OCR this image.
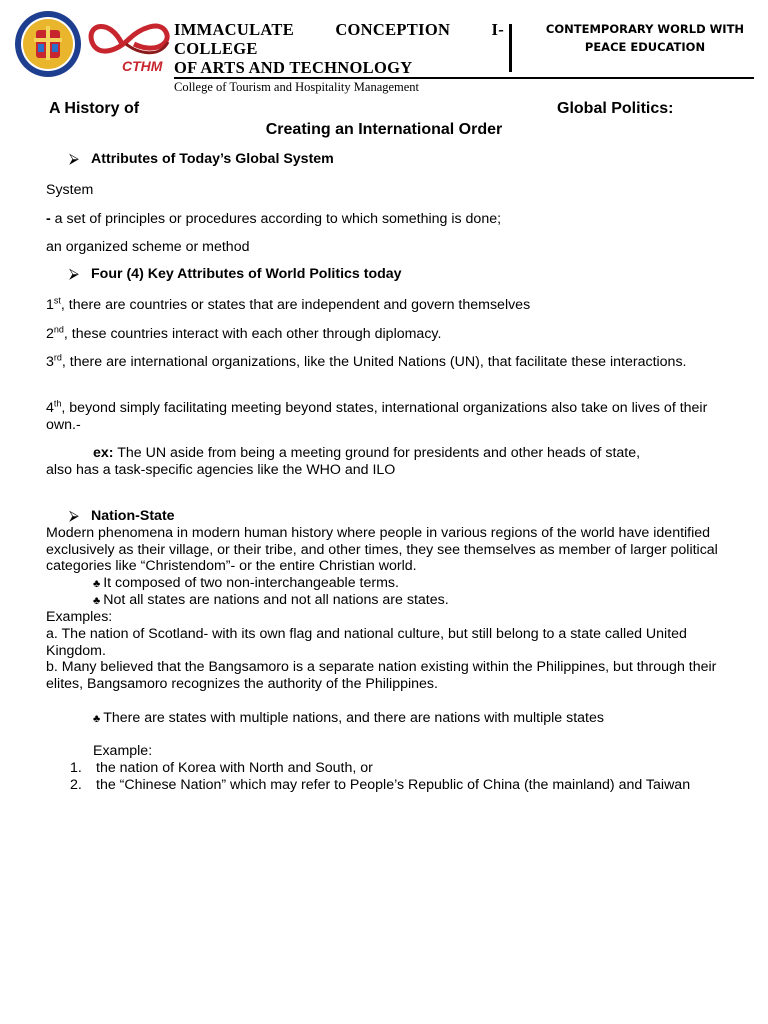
CTHM
IMMACULATE	CONCEPTION	I-
COLLEGE
OF ARTS AND TECHNOLOGY
College of Tourism and Hospitality Management
CONTEMPORARY WORLD WITH
PEACE EDUCATION
A History of	Global Politics:
Creating an International Order
⮚ Attributes of Today’s Global System
System
- a set of principles or procedures according to which something is done;
an organized scheme or method
⮚ Four (4) Key Attributes of World Politics today
1st, there are countries or states that are independent and govern themselves
2nd, these countries interact with each other through diplomacy.
3rd, there are international organizations, like the United Nations (UN), that facilitate these interactions.
4th, beyond simply facilitating meeting beyond states, international organizations also take on lives of their own.-
ex: The UN aside from being a meeting ground for presidents and other heads of state,
also has a task-specific agencies like the WHO and ILO
⮚ Nation-State
Modern phenomena in modern human history where people in various regions of the world have identified exclusively as their village, or their tribe, and other times, they see themselves as member of larger political categories like “Christendom”- or the entire Christian world.
♣ It composed of two non-interchangeable terms.
♣ Not all states are nations and not all nations are states.
Examples:
a. The nation of Scotland- with its own flag and national culture, but still belong to a state called United Kingdom.
b. Many believed that the Bangsamoro is a separate nation existing within the Philippines, but through their elites, Bangsamoro recognizes the authority of the Philippines.
♣ There are states with multiple nations, and there are nations with multiple states
Example:
1. the nation of Korea with North and South, or
2. the “Chinese Nation” which may refer to People’s Republic of China (the mainland) and Taiwan
